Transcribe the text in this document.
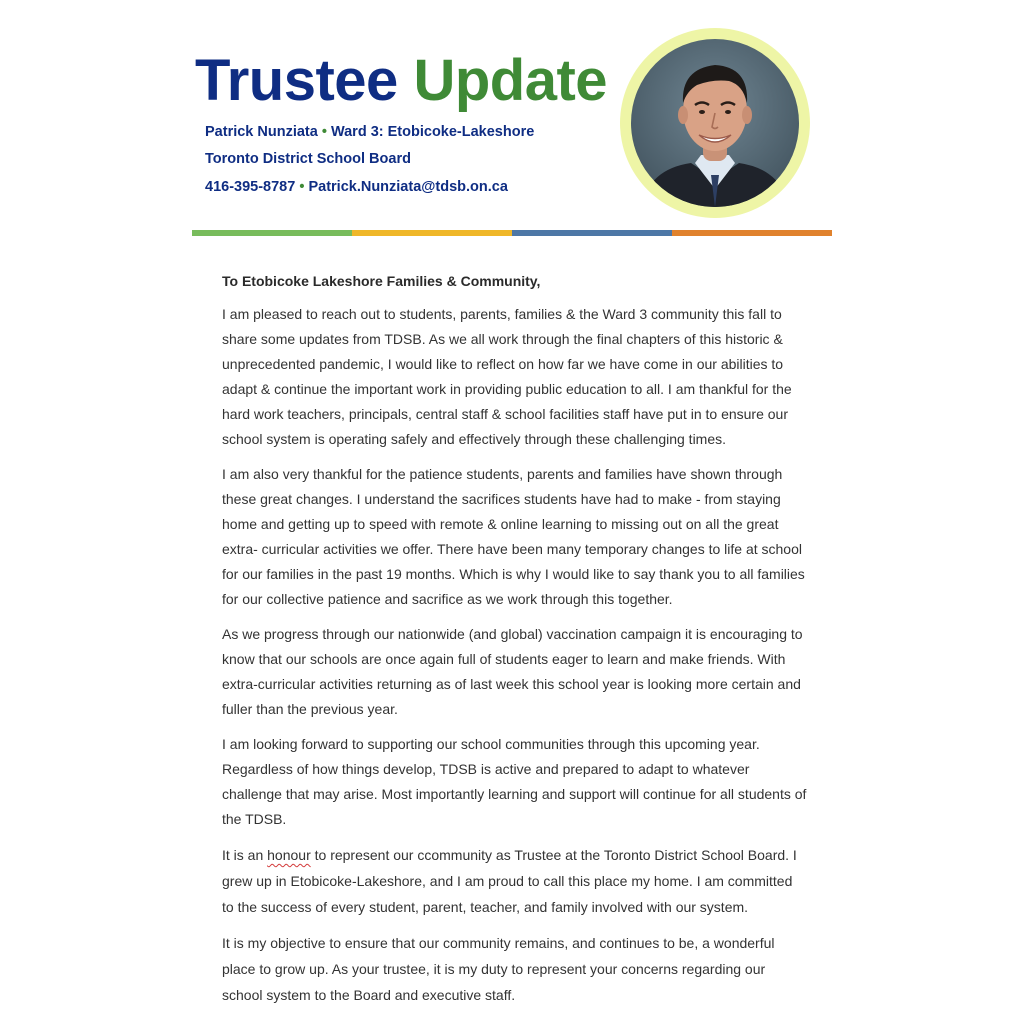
Trustee Update
Patrick Nunziata • Ward 3: Etobicoke-Lakeshore
Toronto District School Board
416-395-8787 • Patrick.Nunziata@tdsb.on.ca

To Etobicoke Lakeshore Families & Community,

I am pleased to reach out to students, parents, families & the Ward 3 community this fall to share some updates from TDSB. As we all work through the final chapters of this historic & unprecedented pandemic, I would like to reflect on how far we have come in our abilities to adapt & continue the important work in providing public education to all. I am thankful for the hard work teachers, principals, central staff & school facilities staff have put in to ensure our school system is operating safely and effectively through these challenging times.

I am also very thankful for the patience students, parents and families have shown through these great changes. I understand the sacrifices students have had to make - from staying home and getting up to speed with remote & online learning to missing out on all the great extra- curricular activities we offer. There have been many temporary changes to life at school for our families in the past 19 months. Which is why I would like to say thank you to all families for our collective patience and sacrifice as we work through this together.

As we progress through our nationwide (and global) vaccination campaign it is encouraging to know that our schools are once again full of students eager to learn and make friends. With extra-curricular activities returning as of last week this school year is looking more certain and fuller than the previous year.

I am looking forward to supporting our school communities through this upcoming year. Regardless of how things develop, TDSB is active and prepared to adapt to whatever challenge that may arise. Most importantly learning and support will continue for all students of the TDSB.

It is an honour to represent our ccommunity as Trustee at the Toronto District School Board. I grew up in Etobicoke-Lakeshore, and I am proud to call this place my home. I am committed to the success of every student, parent, teacher, and family involved with our system.

It is my objective to ensure that our community remains, and continues to be, a wonderful place to grow up. As your trustee, it is my duty to represent your concerns regarding our school system to the Board and executive staff.
